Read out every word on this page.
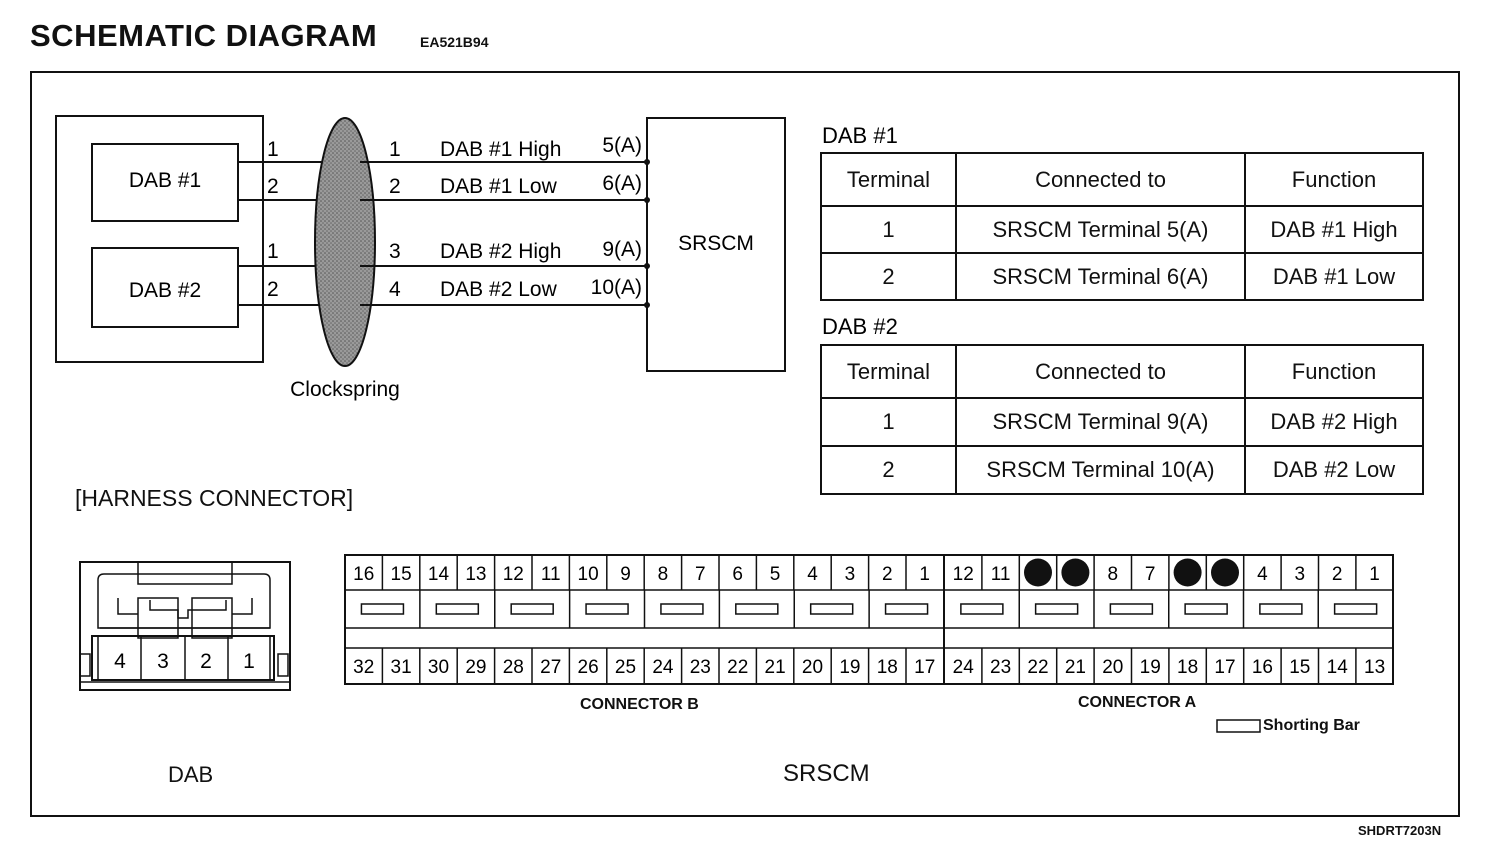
SCHEMATIC DIAGRAM	EA521B94
DAB #1
DAB #2
1
2
1
2
Clockspring
1
2
3
4
DAB #1 High
DAB #1 Low
DAB #2 High
DAB #2 Low
5(A)
6(A)
9(A)
10(A)
SRSCM
DAB #1
DAB #2
4 3 2 1
16 15 14 13 12 11 10 9 8 7 6 5 4 3 2 1
32 31 30 29 28 27 26 25 24 23 22 21 20 19 18 17
12 11	8 7	4 3 2 1
24 23 22 21 20 19 18 17 16 15 14 13
Terminal	Connected to	Function
1	SRSCM Terminal 5(A)	DAB #1 High
2	SRSCM Terminal 6(A)	DAB #1 Low
Terminal	Connected to	Function
1	SRSCM Terminal 9(A)	DAB #2 High
2	SRSCM Terminal 10(A)	DAB #2 Low
[HARNESS CONNECTOR]
CONNECTOR B	CONNECTOR A
Shorting Bar
DAB	SRSCM
SHDRT7203N
